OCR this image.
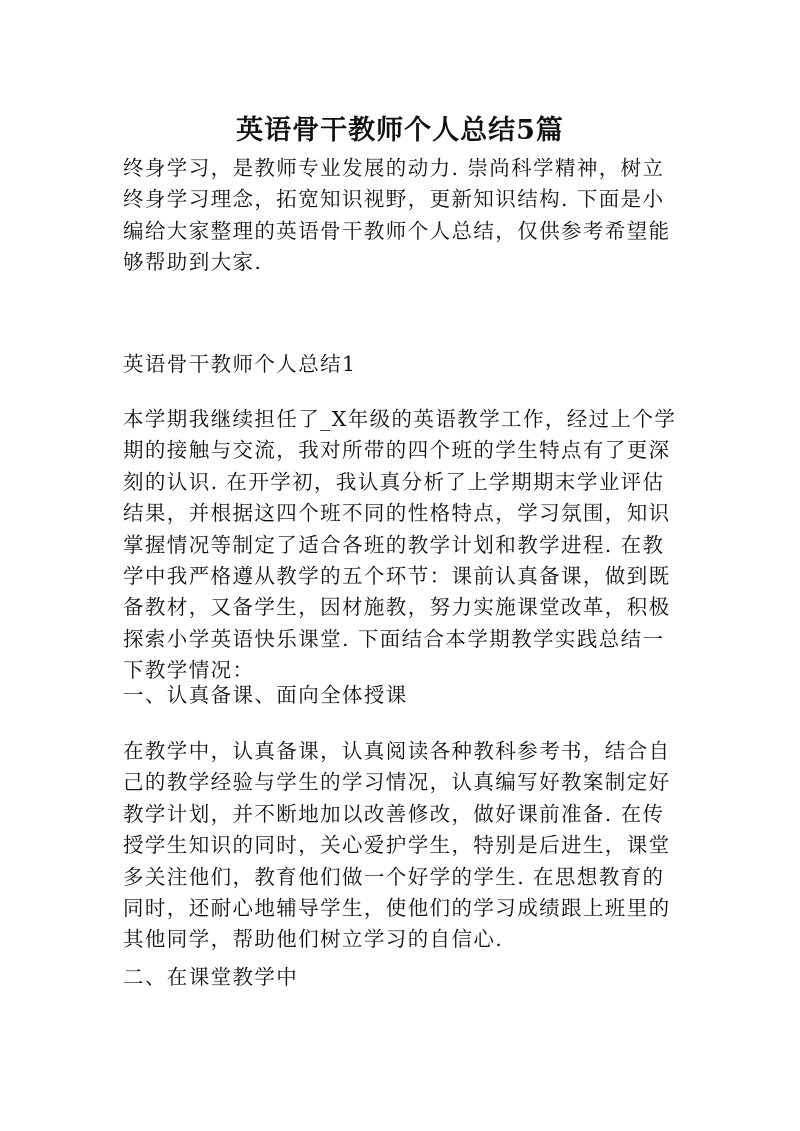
英语骨干教师个人总结5篇
终身学习，是教师专业发展的动力. 崇尚科学精神，树立
终身学习理念，拓宽知识视野，更新知识结构. 下面是小
编给大家整理的英语骨干教师个人总结，仅供参考希望能
够帮助到大家.
英语骨干教师个人总结1
本学期我继续担任了_X年级的英语教学工作，经过上个学
期的接触与交流，我对所带的四个班的学生特点有了更深
刻的认识. 在开学初，我认真分析了上学期期末学业评估
结果，并根据这四个班不同的性格特点，学习氛围，知识
掌握情况等制定了适合各班的教学计划和教学进程. 在教
学中我严格遵从教学的五个环节：课前认真备课，做到既
备教材，又备学生，因材施教，努力实施课堂改革，积极
探索小学英语快乐课堂. 下面结合本学期教学实践总结一
下教学情况：
一、认真备课、面向全体授课
在教学中，认真备课，认真阅读各种教科参考书，结合自
己的教学经验与学生的学习情况，认真编写好教案制定好
教学计划，并不断地加以改善修改，做好课前准备. 在传
授学生知识的同时，关心爱护学生，特别是后进生，课堂
多关注他们，教育他们做一个好学的学生. 在思想教育的
同时，还耐心地辅导学生，使他们的学习成绩跟上班里的
其他同学，帮助他们树立学习的自信心.
二、在课堂教学中
